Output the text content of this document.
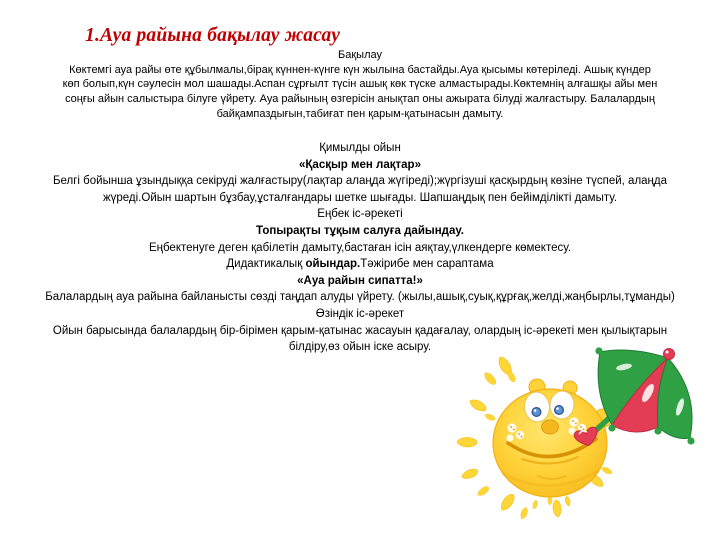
1.Ауа райына бақылау жасау
Бақылау
Көктемгі ауа райы өте құбылмалы,бірақ күннен-күнге күн жылына бастайды.Ауа қысымы көтеріледі. Ашық күндер
көп болып,күн сәулесін мол шашады.Аспан сұрғылт түсін ашық көк түске алмастырады.Көктемнің алғашқы айы мен
соңғы айын салыстыра білуге үйрету. Ауа райының өзгерісін анықтап оны ажырата білуді жалғастыру. Балалардың
байқампаздығын,табиғат пен қарым-қатынасын дамыту.
Қимылды ойын
«Қасқыр мен лақтар»
Белгі бойынша ұзындыққа секіруді жалғастыру(лақтар алаңда жүгіреді);жүргізуші қасқырдың көзіне түспей, алаңда
жүреді.Ойын шартын бұзбау,ұсталғандары шетке шығады. Шапшаңдық пен бейімділікті дамыту.
Еңбек іс-әрекеті
Топырақты тұқым салуға дайындау.
Еңбектенуге деген қабілетін дамыту,бастаған ісін аяқтау,үлкендерге көмектесу.
Дидактикалық ойындар.Тәжірибе мен сараптама
«Ауа райын сипатта!»
Балалардың ауа райына байланысты сөзді таңдап алуды үйрету. (жылы,ашық,суық,құрғақ,желді,жаңбырлы,тұманды)
Өзіндік іс-әрекет
Ойын барысында балалардың бір-бірімен қарым-қатынас жасауын қадағалау, олардың іс-әрекеті мен қылықтарын
білдіру,өз ойын іске асыру.
